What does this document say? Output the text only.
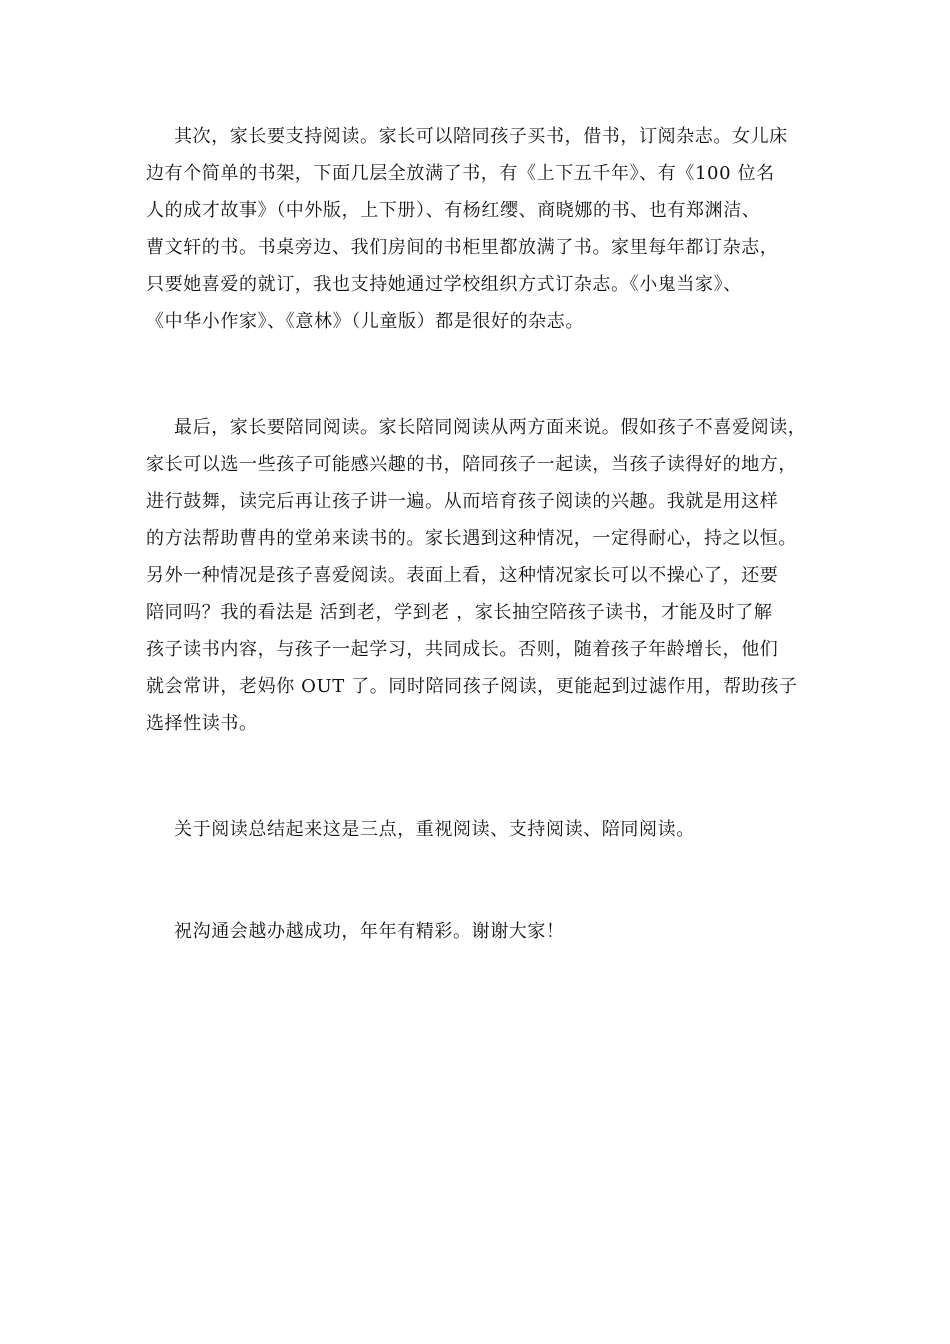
其次，家长要支持阅读。家长可以陪同孩子买书，借书，订阅杂志。女儿床
边有个简单的书架，下面几层全放满了书，有《上下五千年》、有《100 位名
人的成才故事》（中外版，上下册）、有杨红缨、商晓娜的书、也有郑渊洁、
曹文轩的书。书桌旁边、我们房间的书柜里都放满了书。家里每年都订杂志，
只要她喜爱的就订，我也支持她通过学校组织方式订杂志。《小鬼当家》、
《中华小作家》、《意林》（儿童版）都是很好的杂志。
最后，家长要陪同阅读。家长陪同阅读从两方面来说。假如孩子不喜爱阅读，
家长可以选一些孩子可能感兴趣的书，陪同孩子一起读，当孩子读得好的地方，
进行鼓舞，读完后再让孩子讲一遍。从而培育孩子阅读的兴趣。我就是用这样
的方法帮助曹冉的堂弟来读书的。家长遇到这种情况，一定得耐心，持之以恒。
另外一种情况是孩子喜爱阅读。表面上看，这种情况家长可以不操心了，还要
陪同吗？我的看法是 活到老，学到老 ，家长抽空陪孩子读书，才能及时了解
孩子读书内容，与孩子一起学习，共同成长。否则，随着孩子年龄增长，他们
就会常讲，老妈你 OUT 了。同时陪同孩子阅读，更能起到过滤作用，帮助孩子
选择性读书。
关于阅读总结起来这是三点，重视阅读、支持阅读、陪同阅读。
祝沟通会越办越成功，年年有精彩。谢谢大家！
